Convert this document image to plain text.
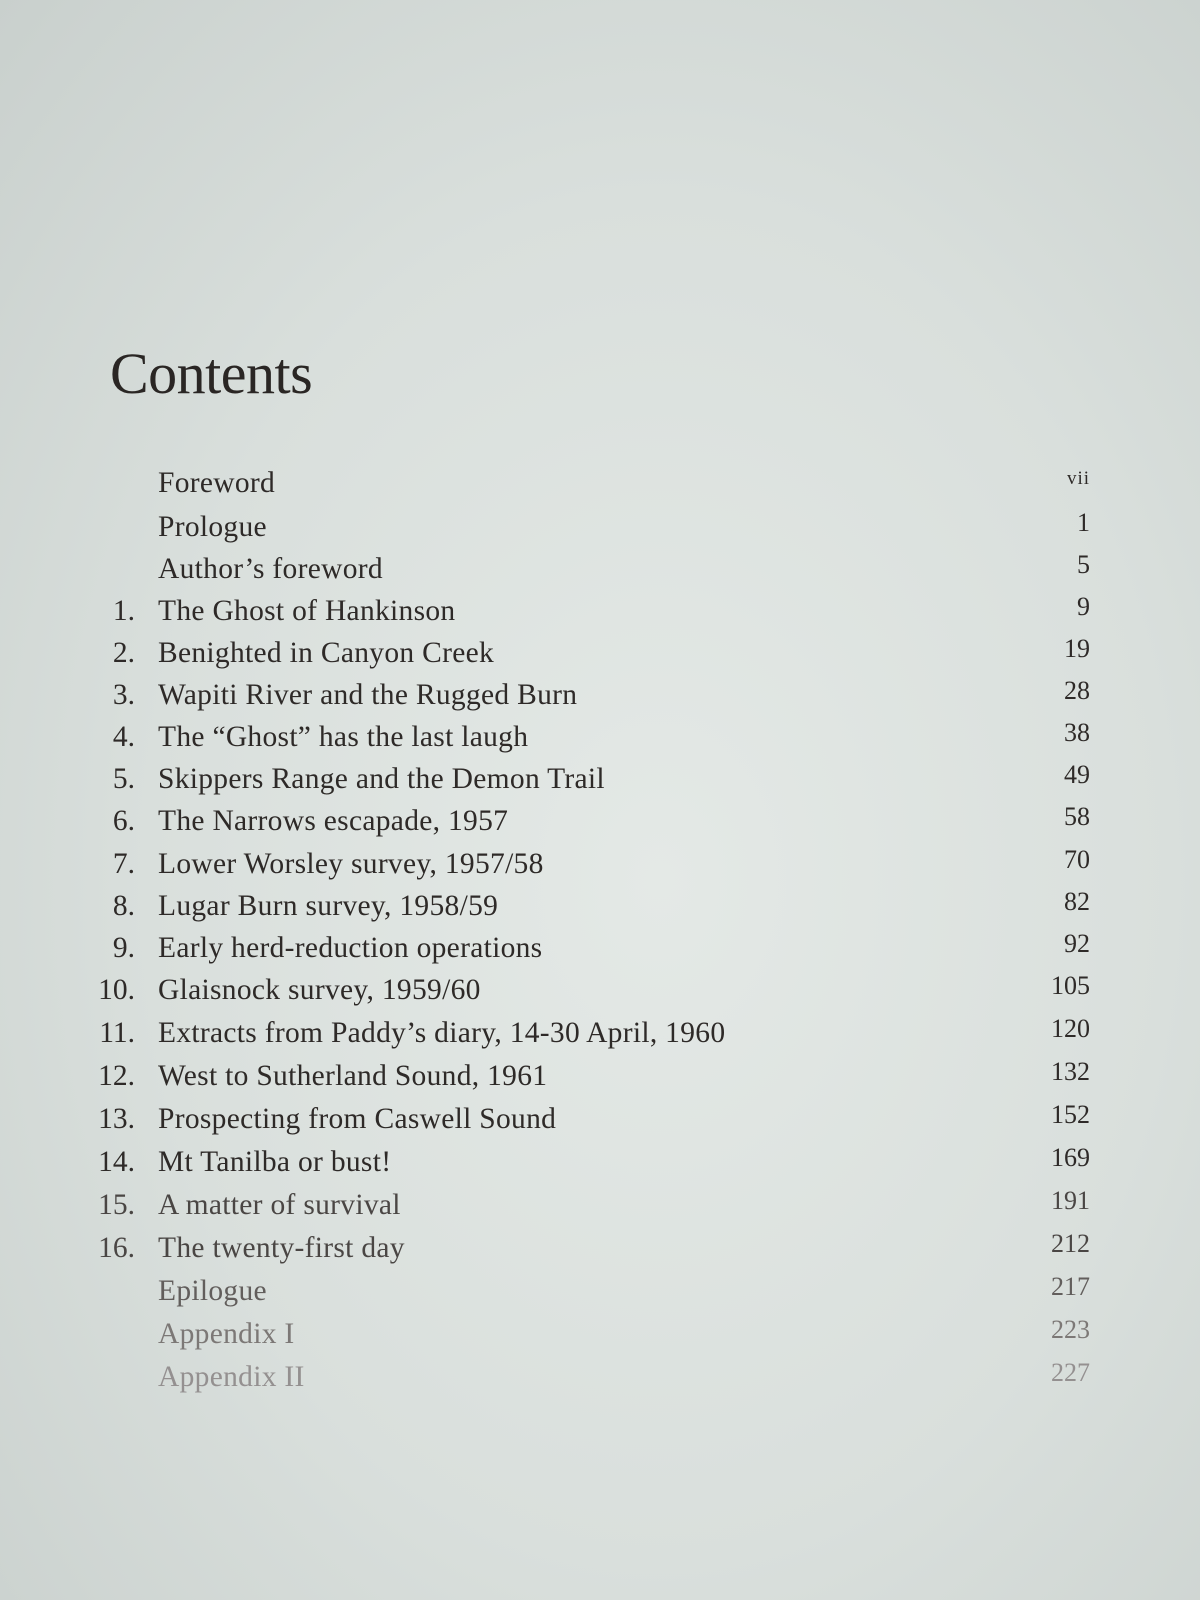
Contents
Foreword	vii
Prologue	1
Author’s foreword	5
1. The Ghost of Hankinson	9
2. Benighted in Canyon Creek	19
3. Wapiti River and the Rugged Burn	28
4. The “Ghost” has the last laugh	38
5. Skippers Range and the Demon Trail	49
6. The Narrows escapade, 1957	58
7. Lower Worsley survey, 1957/58	70
8. Lugar Burn survey, 1958/59	82
9. Early herd-reduction operations	92
10. Glaisnock survey, 1959/60	105
11. Extracts from Paddy’s diary, 14-30 April, 1960	120
12. West to Sutherland Sound, 1961	132
13. Prospecting from Caswell Sound	152
14. Mt Tanilba or bust!	169
15. A matter of survival	191
16. The twenty-first day	212
Epilogue	217
Appendix I	223
Appendix II	227
